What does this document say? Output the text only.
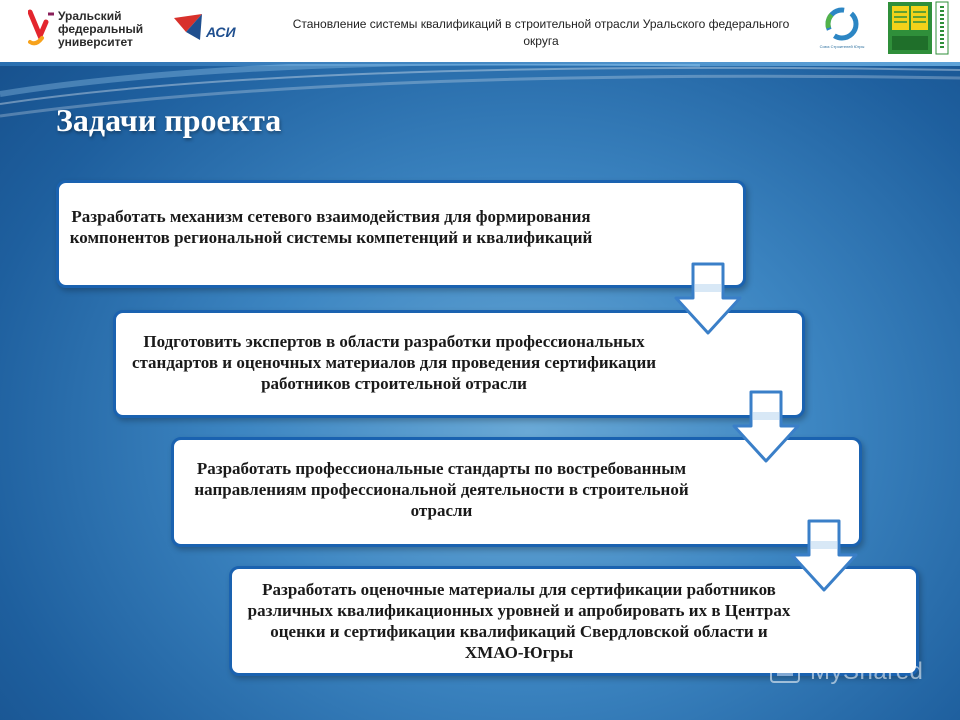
Уральский федеральный университет
АСИ	Становление системы квалификаций в строительной отрасли Уральского федерального округа	Союз Строителей Югры
Задачи проекта
Разработать механизм сетевого взаимодействия для формирования компонентов региональной системы компетенций и квалификаций
Подготовить экспертов в области разработки профессиональных стандартов и оценочных материалов для проведения сертификации работников строительной отрасли
Разработать профессиональные стандарты по востребованным направлениям профессиональной деятельности в строительной отрасли
Разработать оценочные материалы для сертификации работников различных квалификационных уровней и апробировать их в Центрах оценки и сертификации квалификаций Свердловской области и ХМАО-Югры
MyShared
